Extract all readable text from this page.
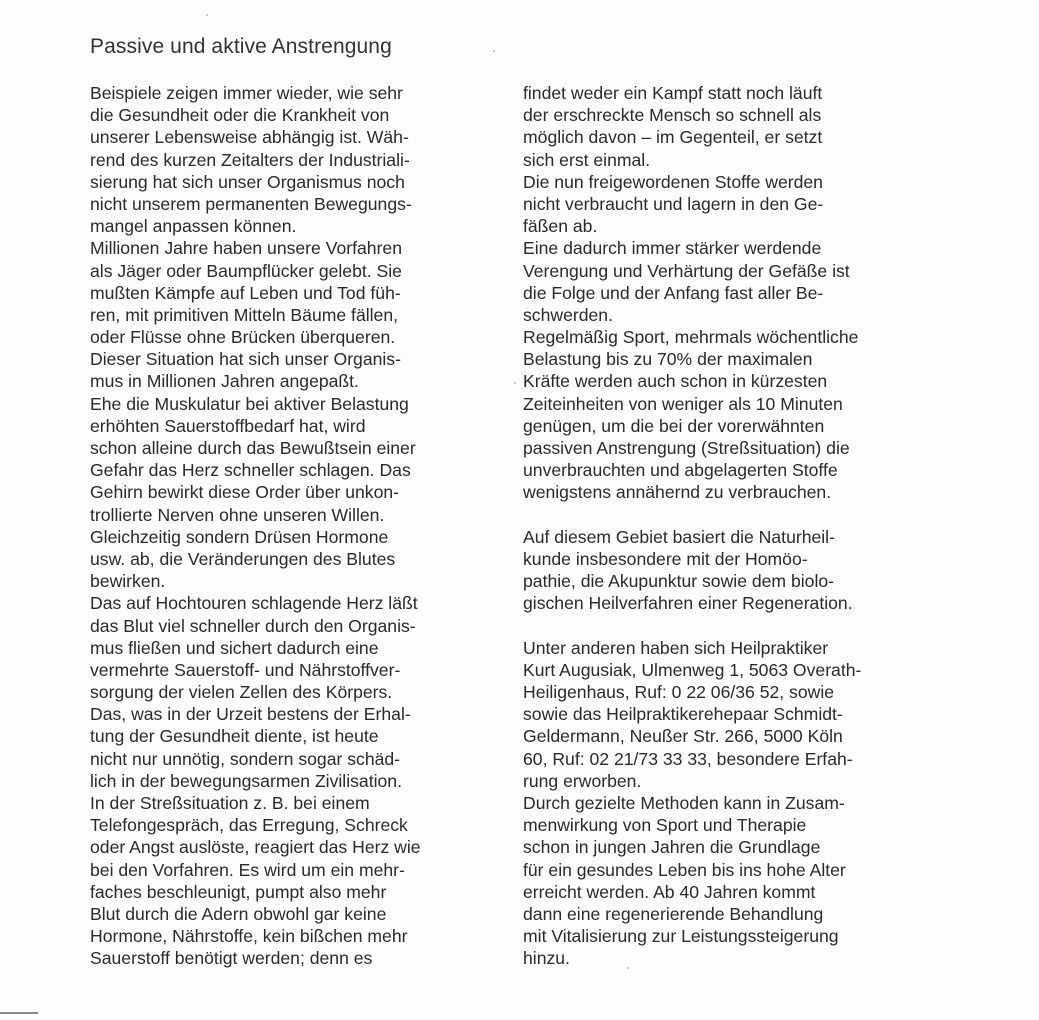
Passive und aktive Anstrengung
Beispiele zeigen immer wieder, wie sehr
die Gesundheit oder die Krankheit von
unserer Lebensweise abhängig ist. Wäh-
rend des kurzen Zeitalters der Industriali-
sierung hat sich unser Organismus noch
nicht unserem permanenten Bewegungs-
mangel anpassen können.
Millionen Jahre haben unsere Vorfahren
als Jäger oder Baumpflücker gelebt. Sie
mußten Kämpfe auf Leben und Tod füh-
ren, mit primitiven Mitteln Bäume fällen,
oder Flüsse ohne Brücken überqueren.
Dieser Situation hat sich unser Organis-
mus in Millionen Jahren angepaßt.
Ehe die Muskulatur bei aktiver Belastung
erhöhten Sauerstoffbedarf hat, wird
schon alleine durch das Bewußtsein einer
Gefahr das Herz schneller schlagen. Das
Gehirn bewirkt diese Order über unkon-
trollierte Nerven ohne unseren Willen.
Gleichzeitig sondern Drüsen Hormone
usw. ab, die Veränderungen des Blutes
bewirken.
Das auf Hochtouren schlagende Herz läßt
das Blut viel schneller durch den Organis-
mus fließen und sichert dadurch eine
vermehrte Sauerstoff- und Nährstoffver-
sorgung der vielen Zellen des Körpers.
Das, was in der Urzeit bestens der Erhal-
tung der Gesundheit diente, ist heute
nicht nur unnötig, sondern sogar schäd-
lich in der bewegungsarmen Zivilisation.
In der Streßsituation z. B. bei einem
Telefongespräch, das Erregung, Schreck
oder Angst auslöste, reagiert das Herz wie
bei den Vorfahren. Es wird um ein mehr-
faches beschleunigt, pumpt also mehr
Blut durch die Adern obwohl gar keine
Hormone, Nährstoffe, kein bißchen mehr
Sauerstoff benötigt werden; denn es
findet weder ein Kampf statt noch läuft
der erschreckte Mensch so schnell als
möglich davon – im Gegenteil, er setzt
sich erst einmal.
Die nun freigewordenen Stoffe werden
nicht verbraucht und lagern in den Ge-
fäßen ab.
Eine dadurch immer stärker werdende
Verengung und Verhärtung der Gefäße ist
die Folge und der Anfang fast aller Be-
schwerden.
Regelmäßig Sport, mehrmals wöchentliche
Belastung bis zu 70% der maximalen
Kräfte werden auch schon in kürzesten
Zeiteinheiten von weniger als 10 Minuten
genügen, um die bei der vorerwähnten
passiven Anstrengung (Streßsituation) die
unverbrauchten und abgelagerten Stoffe
wenigstens annähernd zu verbrauchen.
Auf diesem Gebiet basiert die Naturheil-
kunde insbesondere mit der Homöo-
pathie, die Akupunktur sowie dem biolo-
gischen Heilverfahren einer Regeneration.
Unter anderen haben sich Heilpraktiker
Kurt Augusiak, Ulmenweg 1, 5063 Overath-
Heiligenhaus, Ruf: 0 22 06/36 52, sowie
sowie das Heilpraktikerehepaar Schmidt-
Geldermann, Neußer Str. 266, 5000 Köln
60, Ruf: 02 21/73 33 33, besondere Erfah-
rung erworben.
Durch gezielte Methoden kann in Zusam-
menwirkung von Sport und Therapie
schon in jungen Jahren die Grundlage
für ein gesundes Leben bis ins hohe Alter
erreicht werden. Ab 40 Jahren kommt
dann eine regenerierende Behandlung
mit Vitalisierung zur Leistungssteigerung
hinzu.
